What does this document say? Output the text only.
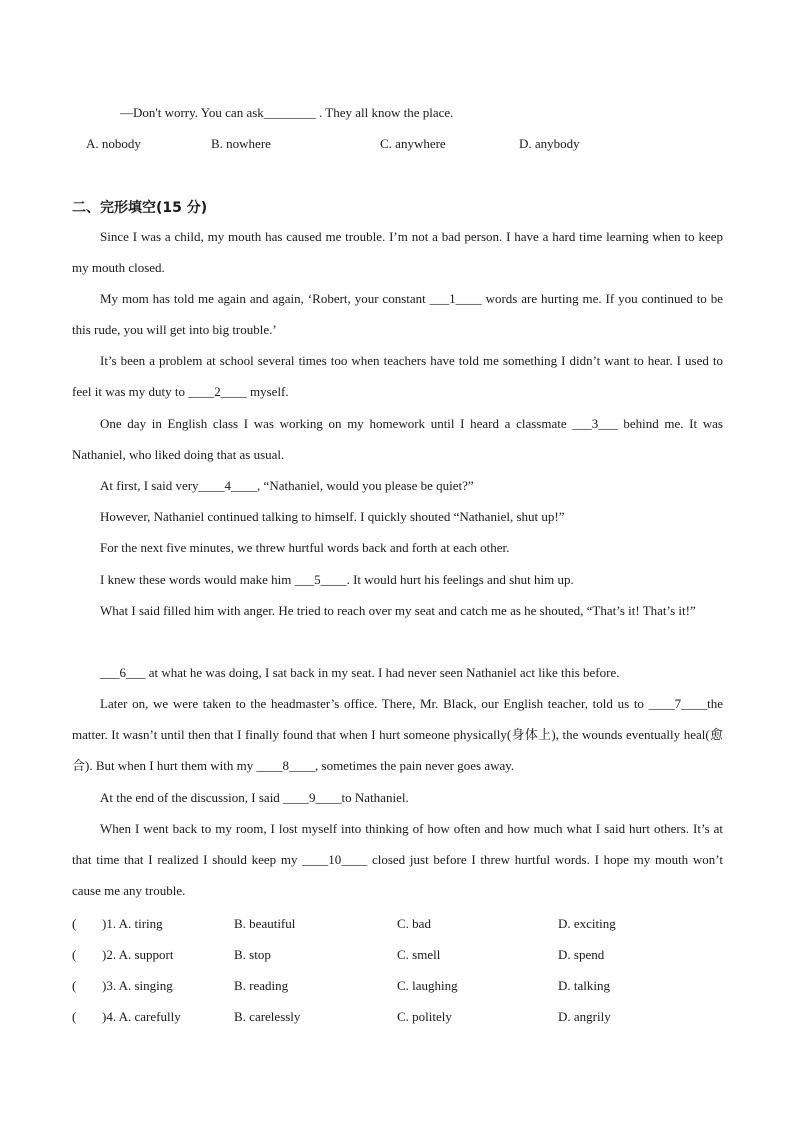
—Don't worry. You can ask________ . They all know the place.
A. nobody	B. nowhere	C. anywhere	D. anybody
二、完形填空(15 分)
Since I was a child, my mouth has caused me trouble. I’m not a bad person. I have a hard time learning when to keep my mouth closed.
My mom has told me again and again, ‘Robert, your constant ___1____ words are hurting me. If you continued to be this rude, you will get into big trouble.’
It’s been a problem at school several times too when teachers have told me something I didn’t want to hear. I used to feel it was my duty to ____2____ myself.
One day in English class I was working on my homework until I heard a classmate ___3___ behind me. It was Nathaniel, who liked doing that as usual.
At first, I said very____4____, “Nathaniel, would you please be quiet?”
However, Nathaniel continued talking to himself. I quickly shouted “Nathaniel, shut up!”
For the next five minutes, we threw hurtful words back and forth at each other.
I knew these words would make him ___5____. It would hurt his feelings and shut him up.
What I said filled him with anger. He tried to reach over my seat and catch me as he shouted, “That’s it! That’s it!”
___6___ at what he was doing, I sat back in my seat. I had never seen Nathaniel act like this before.
Later on, we were taken to the headmaster’s office. There, Mr. Black, our English teacher, told us to ____7____the matter. It wasn’t until then that I finally found that when I hurt someone physically(身体上), the wounds eventually heal(愈合). But when I hurt them with my ____8____, sometimes the pain never goes away.
At the end of the discussion, I said ____9____to Nathaniel.
When I went back to my room, I lost myself into thinking of how often and how much what I said hurt others. It’s at that time that I realized I should keep my ____10____ closed just before I threw hurtful words. I hope my mouth won’t cause me any trouble.
( )1. A. tiring	B. beautiful	C. bad	D. exciting
( )2. A. support	B. stop	C. smell	D. spend
( )3. A. singing	B. reading	C. laughing	D. talking
( )4. A. carefully	B. carelessly	C. politely	D. angrily
